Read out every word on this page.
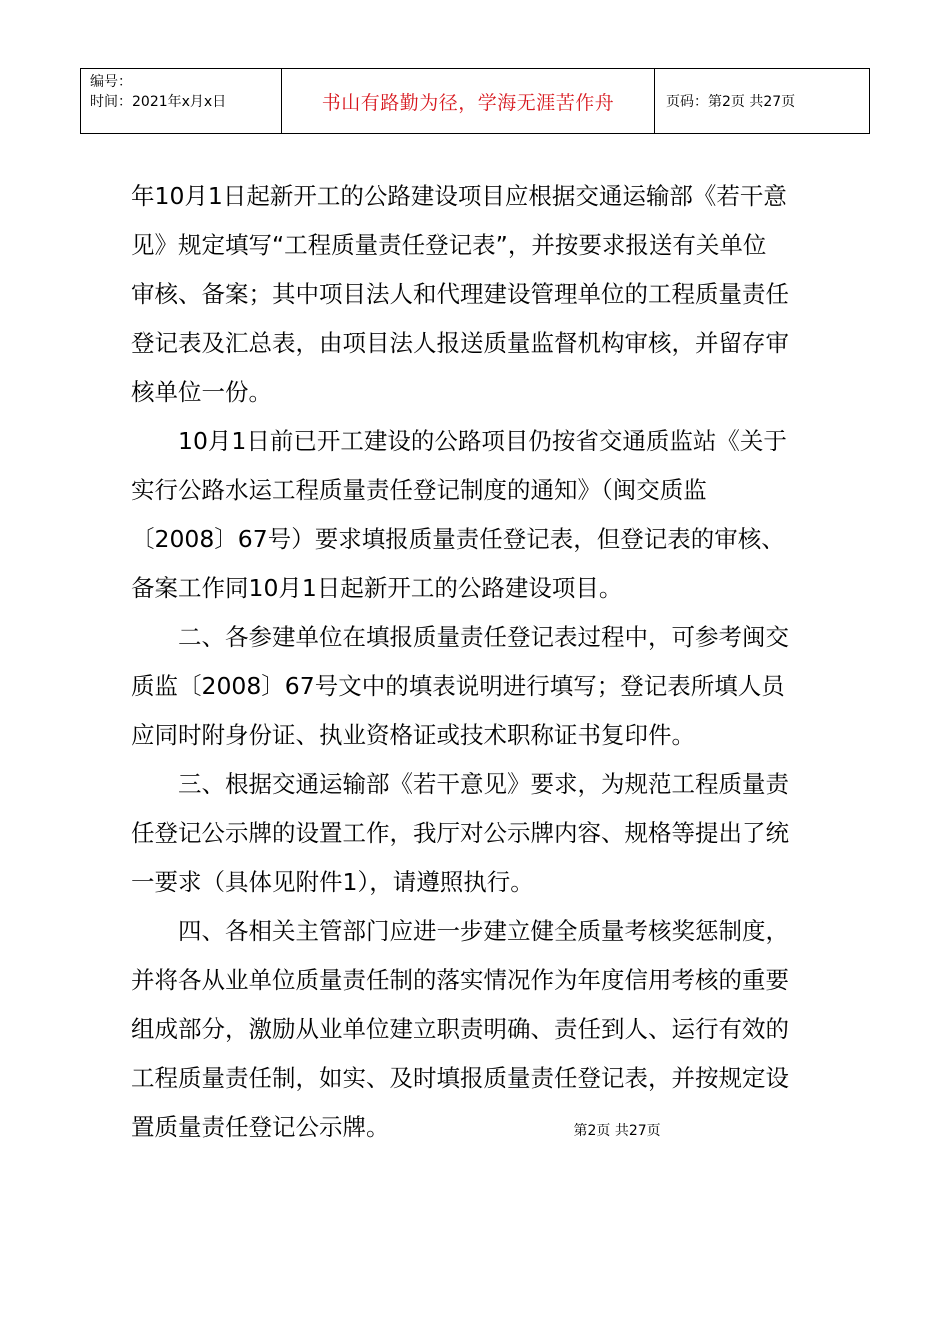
编号：
时间：2021年x月x日	书山有路勤为径，学海无涯苦作舟	页码：第2页 共27页
年10月1日起新开工的公路建设项目应根据交通运输部《若干意
见》规定填写“工程质量责任登记表”，并按要求报送有关单位
审核、备案；其中项目法人和代理建设管理单位的工程质量责任
登记表及汇总表，由项目法人报送质量监督机构审核，并留存审
核单位一份。
10月1日前已开工建设的公路项目仍按省交通质监站《关于
实行公路水运工程质量责任登记制度的通知》（闽交质监
〔2008〕67号）要求填报质量责任登记表，但登记表的审核、
备案工作同10月1日起新开工的公路建设项目。
二、各参建单位在填报质量责任登记表过程中，可参考闽交
质监〔2008〕67号文中的填表说明进行填写；登记表所填人员
应同时附身份证、执业资格证或技术职称证书复印件。
三、根据交通运输部《若干意见》要求，为规范工程质量责
任登记公示牌的设置工作，我厅对公示牌内容、规格等提出了统
一要求（具体见附件1），请遵照执行。
四、各相关主管部门应进一步建立健全质量考核奖惩制度，
并将各从业单位质量责任制的落实情况作为年度信用考核的重要
组成部分，激励从业单位建立职责明确、责任到人、运行有效的
工程质量责任制，如实、及时填报质量责任登记表，并按规定设
置质量责任登记公示牌。	第2页 共27页
